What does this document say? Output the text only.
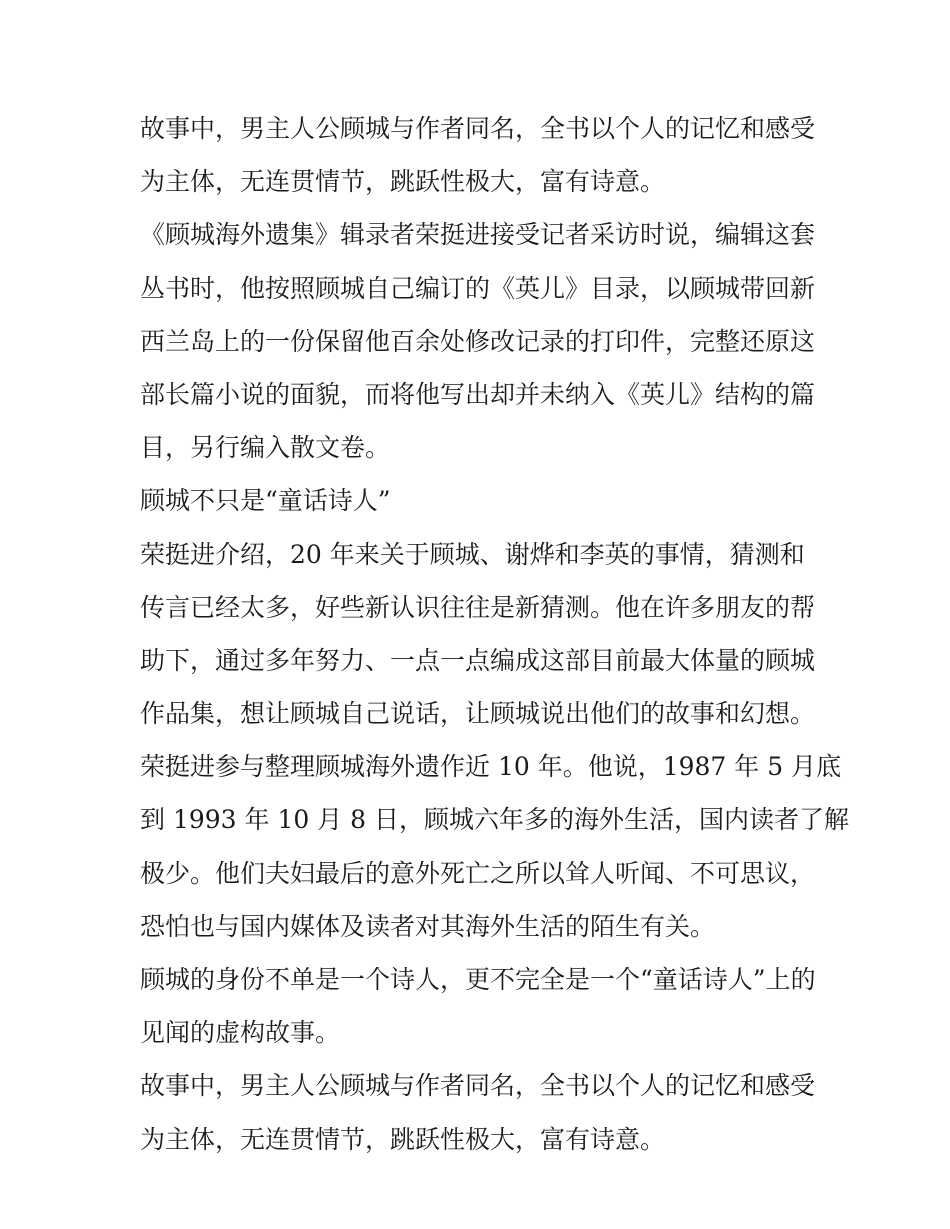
故事中，男主人公顾城与作者同名，全书以个人的记忆和感受
为主体，无连贯情节，跳跃性极大，富有诗意。
《顾城海外遗集》辑录者荣挺进接受记者采访时说，编辑这套
丛书时，他按照顾城自己编订的《英儿》目录，以顾城带回新
西兰岛上的一份保留他百余处修改记录的打印件，完整还原这
部长篇小说的面貌，而将他写出却并未纳入《英儿》结构的篇
目，另行编入散文卷。
顾城不只是“童话诗人”
荣挺进介绍，20 年来关于顾城、谢烨和李英的事情，猜测和
传言已经太多，好些新认识往往是新猜测。他在许多朋友的帮
助下，通过多年努力、一点一点编成这部目前最大体量的顾城
作品集，想让顾城自己说话，让顾城说出他们的故事和幻想。
荣挺进参与整理顾城海外遗作近 10 年。他说，1987 年 5 月底
到 1993 年 10 月 8 日，顾城六年多的海外生活，国内读者了解
极少。他们夫妇最后的意外死亡之所以耸人听闻、不可思议，
恐怕也与国内媒体及读者对其海外生活的陌生有关。
顾城的身份不单是一个诗人，更不完全是一个“童话诗人”上的
见闻的虚构故事。
故事中，男主人公顾城与作者同名，全书以个人的记忆和感受
为主体，无连贯情节，跳跃性极大，富有诗意。
